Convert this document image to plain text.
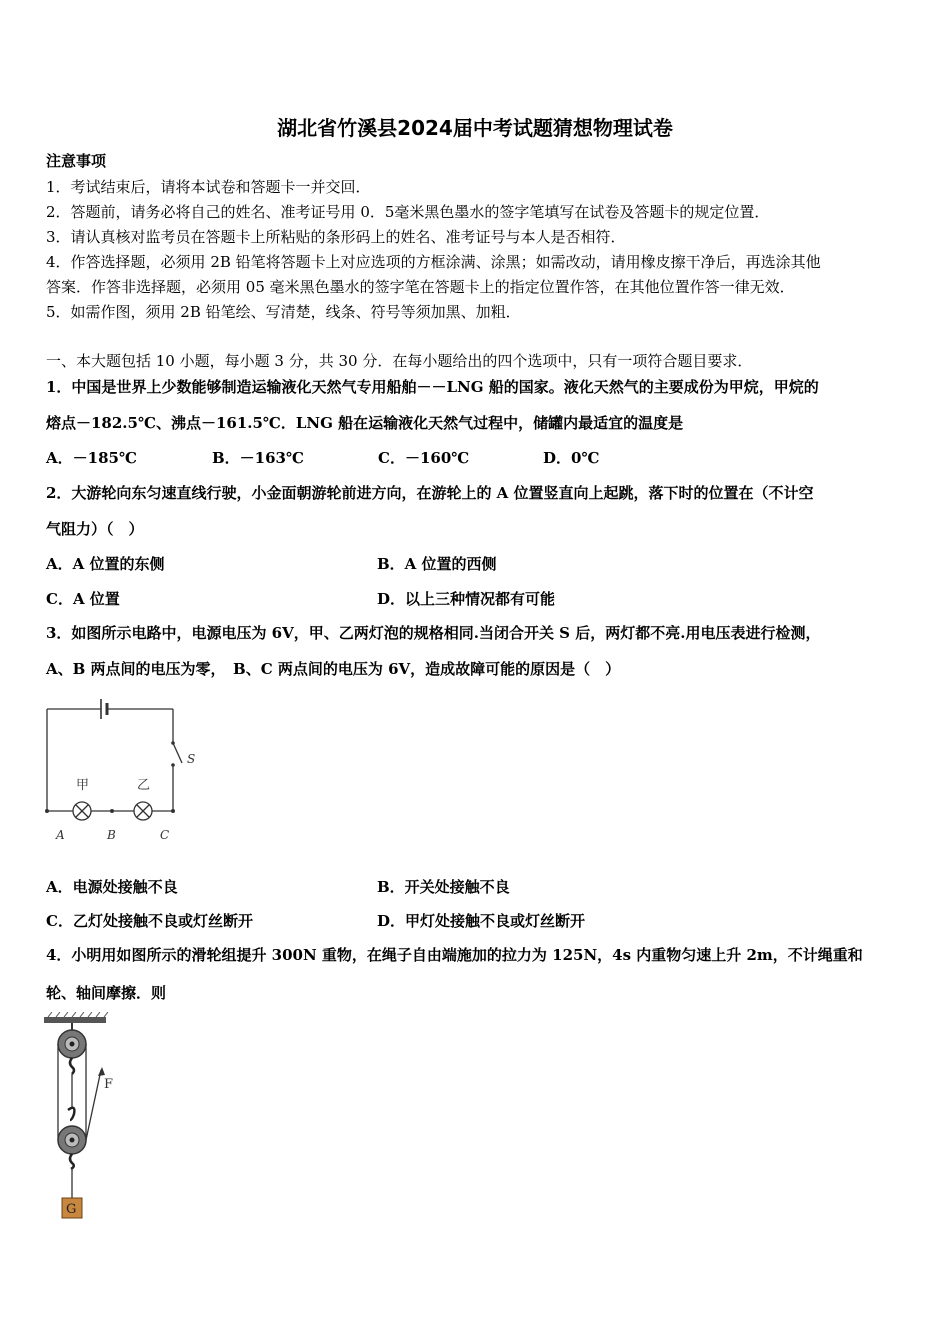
湖北省竹溪县2024届中考试题猜想物理试卷
注意事项
1．考试结束后，请将本试卷和答题卡一并交回．
2．答题前，请务必将自己的姓名、准考证号用 0．5毫米黑色墨水的签字笔填写在试卷及答题卡的规定位置．
3．请认真核对监考员在答题卡上所粘贴的条形码上的姓名、准考证号与本人是否相符．
4．作答选择题，必须用 2B 铅笔将答题卡上对应选项的方框涂满、涂黑；如需改动，请用橡皮擦干净后，再选涂其他
答案．作答非选择题，必须用 05 毫米黑色墨水的签字笔在答题卡上的指定位置作答，在其他位置作答一律无效．
5．如需作图，须用 2B 铅笔绘、写清楚，线条、符号等须加黑、加粗．
一、本大题包括 10 小题，每小题 3 分，共 30 分．在每小题给出的四个选项中，只有一项符合题目要求．
1．中国是世界上少数能够制造运输液化天然气专用船舶－－LNG 船的国家。液化天然气的主要成份为甲烷，甲烷的
熔点－182.5℃、沸点－161.5℃．LNG 船在运输液化天然气过程中，储罐内最适宜的温度是
A．－185℃	B．－163℃	C．－160℃	D．0℃
2．大游轮向东匀速直线行驶，小金面朝游轮前进方向，在游轮上的 A 位置竖直向上起跳，落下时的位置在（不计空
气阻力）（　）
A．A 位置的东侧	B．A 位置的西侧
C．A 位置	D．以上三种情况都有可能
3．如图所示电路中，电源电压为 6V，甲、乙两灯泡的规格相同.当闭合开关 S 后，两灯都不亮.用电压表进行检测，
A、B 两点间的电压为零，　B、C 两点间的电压为 6V，造成故障可能的原因是（　）
甲	乙
S
A	B	C
A．电源处接触不良	B．开关处接触不良
C．乙灯处接触不良或灯丝断开	D．甲灯处接触不良或灯丝断开
4．小明用如图所示的滑轮组提升 300N 重物，在绳子自由端施加的拉力为 125N，4s 内重物匀速上升 2m，不计绳重和
轮、轴间摩擦．则
F
G
